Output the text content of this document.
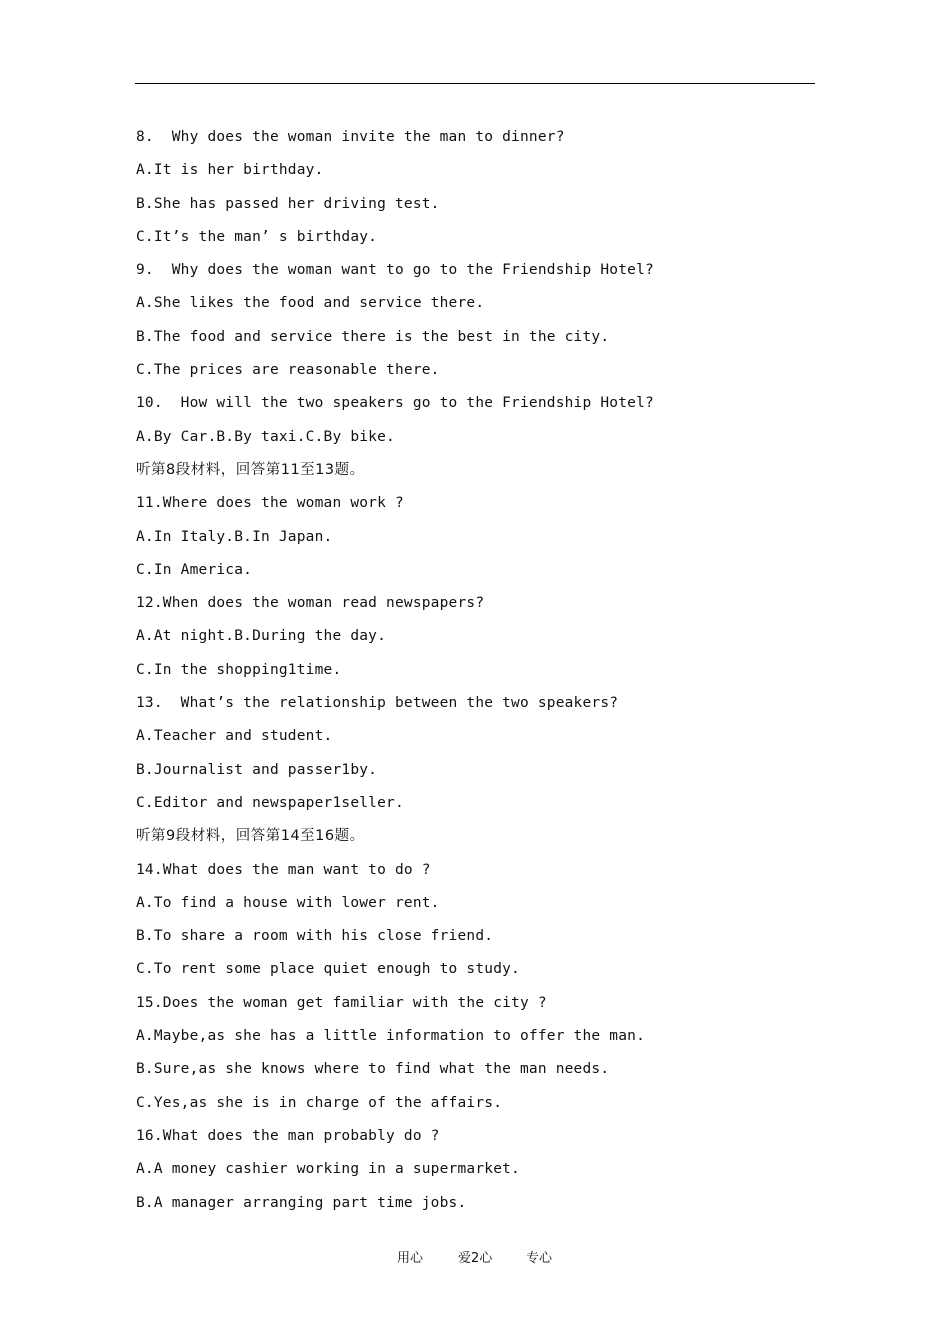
8.  Why does the woman invite the man to dinner?
A.It is her birthday.
B.She has passed her driving test.
C.It’s the man’ s birthday.
9.  Why does the woman want to go to the Friendship Hotel?
A.She likes the food and service there.
B.The food and service there is the best in the city.
C.The prices are reasonable there.
10.  How will the two speakers go to the Friendship Hotel?
A.By Car.B.By taxi.C.By bike.
听第8段材料，回答第11至13题。
11.Where does the woman work ?
A.In Italy.B.In Japan.
C.In America.
12.When does the woman read newspapers?
A.At night.B.During the day.
C.In the shopping1time.
13.  What’s the relationship between the two speakers?
A.Teacher and student.
B.Journalist and passer1by.
C.Editor and newspaper1seller.
听第9段材料，回答第14至16题。
14.What does the man want to do ?
A.To find a house with lower rent.
B.To share a room with his close friend.
C.To rent some place quiet enough to study.
15.Does the woman get familiar with the city ?
A.Maybe,as she has a little information to offer the man.
B.Sure,as she knows where to find what the man needs.
C.Yes,as she is in charge of the affairs.
16.What does the man probably do ?
A.A money cashier working in a supermarket.
B.A manager arranging part time jobs.
用心	爱2心	专心
